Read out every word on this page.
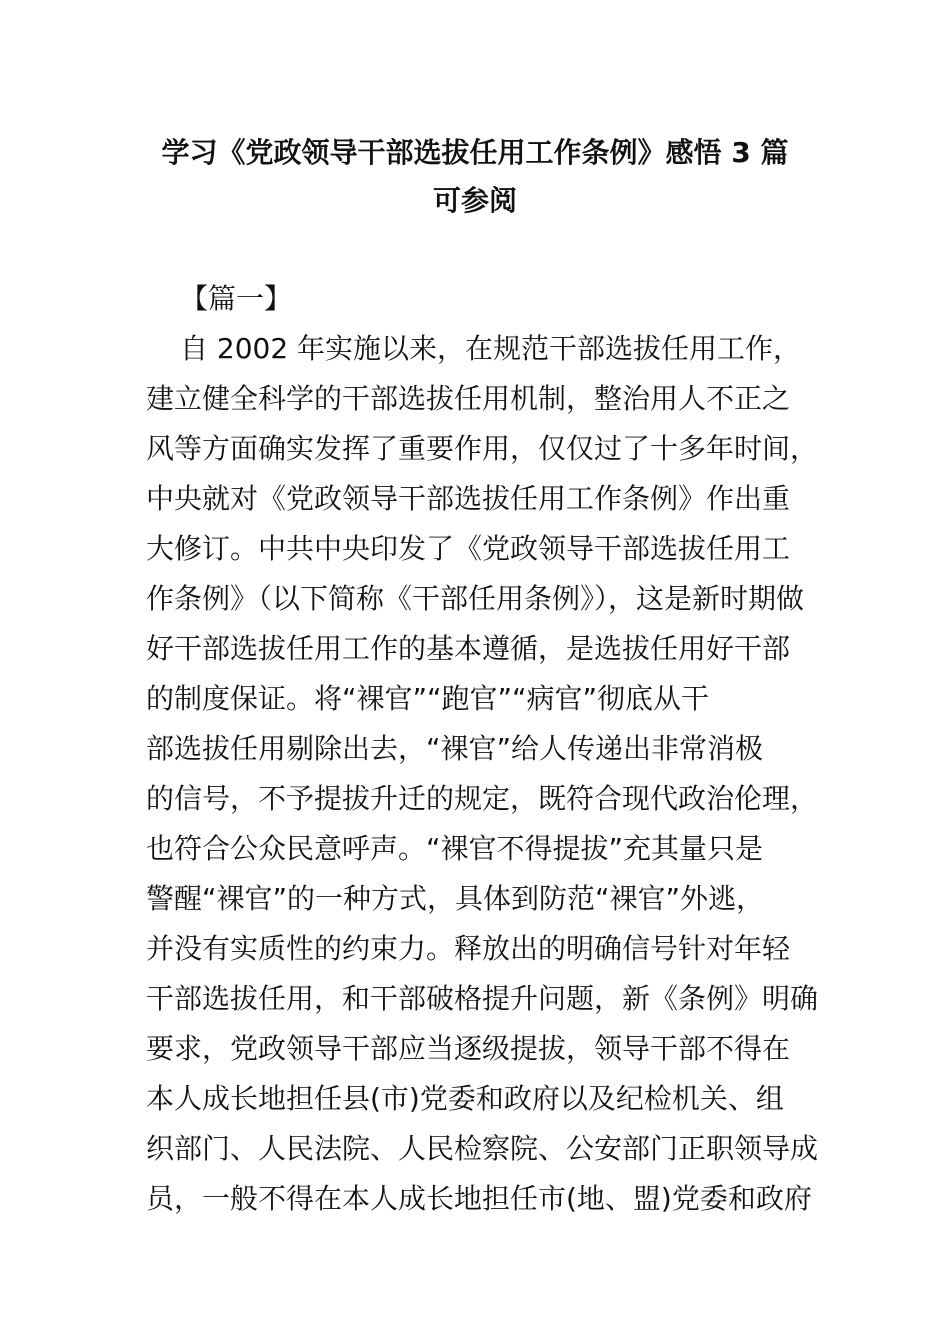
学习《党政领导干部选拔任用工作条例》感悟 3 篇
可参阅

【篇一】

自 2002 年实施以来，在规范干部选拔任用工作，

建立健全科学的干部选拔任用机制，整治用人不正之

风等方面确实发挥了重要作用，仅仅过了十多年时间，

中央就对《党政领导干部选拔任用工作条例》作出重

大修订。中共中央印发了《党政领导干部选拔任用工

作条例》（以下简称《干部任用条例》），这是新时期做

好干部选拔任用工作的基本遵循，是选拔任用好干部

的制度保证。将“裸官”“跑官”“病官”彻底从干

部选拔任用剔除出去，“裸官”给人传递出非常消极

的信号，不予提拔升迁的规定，既符合现代政治伦理，

也符合公众民意呼声。“裸官不得提拔”充其量只是

警醒“裸官”的一种方式，具体到防范“裸官”外逃，

并没有实质性的约束力。释放出的明确信号针对年轻

干部选拔任用，和干部破格提升问题，新《条例》明确

要求，党政领导干部应当逐级提拔，领导干部不得在

本人成长地担任县(市)党委和政府以及纪检机关、组

织部门、人民法院、人民检察院、公安部门正职领导成

员，一般不得在本人成长地担任市(地、盟)党委和政府
